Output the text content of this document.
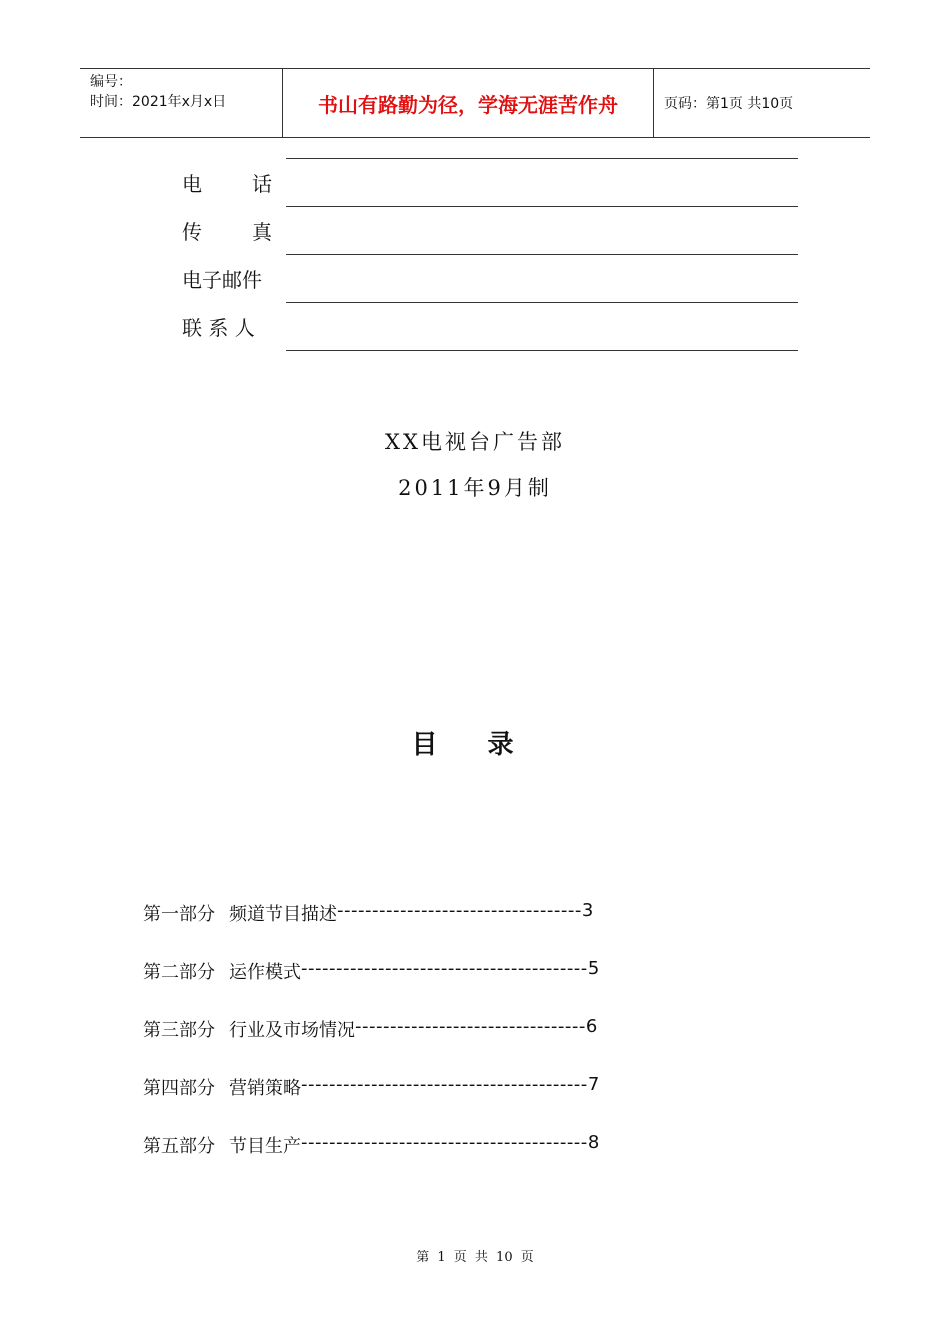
编号：
时间：2021年x月x日	书山有路勤为径，学海无涯苦作舟	页码：第1页 共10页
电	话
传	真
电子邮件
联 系 人
XX电视台广告部
2011年9月制
目录
第一部分 频道节目描述 ----------------------------------- 3
第二部分 运作模式 ----------------------------------------- 5
第三部分 行业及市场情况 --------------------------------- 6
第四部分 营销策略 ----------------------------------------- 7
第五部分 节目生产 ----------------------------------------- 8
第 1 页 共 10 页
